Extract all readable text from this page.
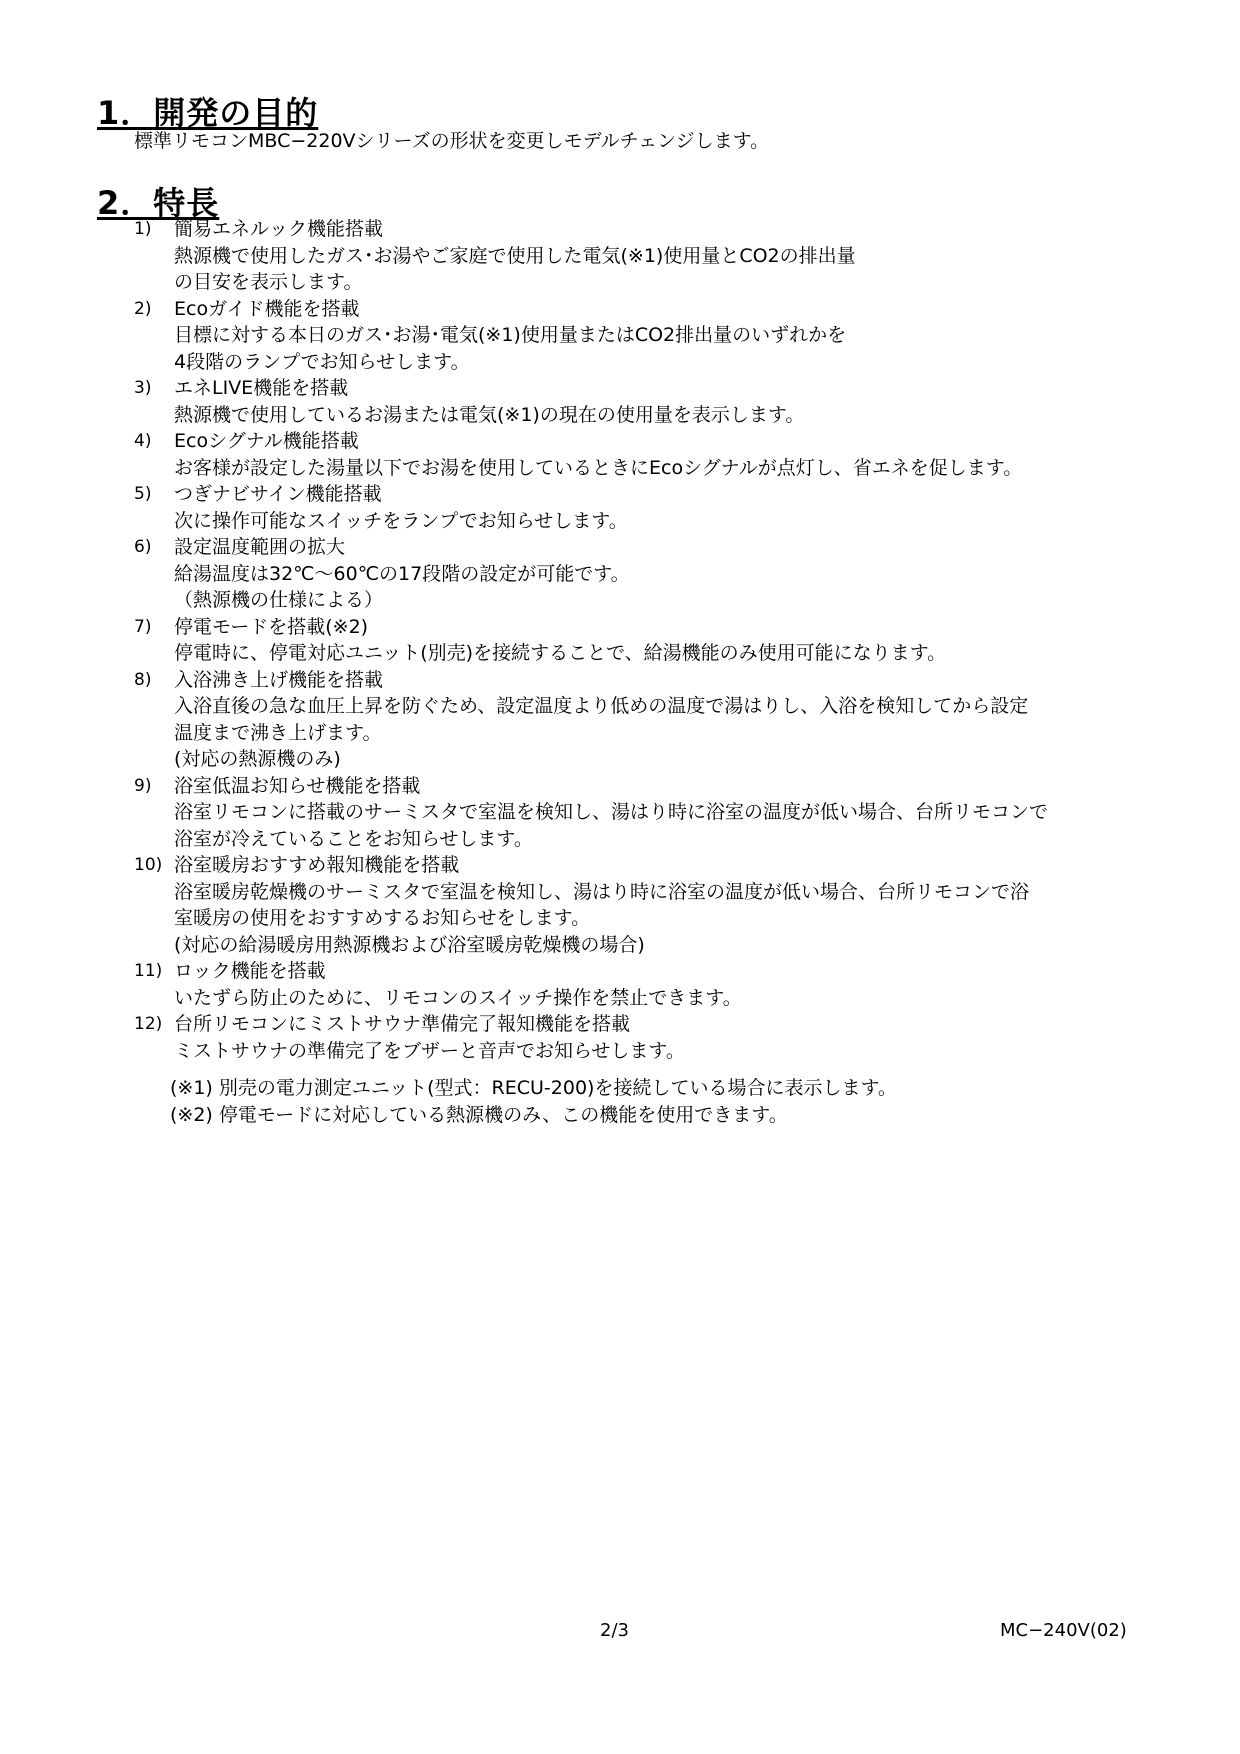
1．開発の目的
標準リモコンMBC−220Vシリーズの形状を変更しモデルチェンジします。
2．特長
1)	簡易エネルック機能搭載
熱源機で使用したガス･お湯やご家庭で使用した電気(※1)使用量とCO2の排出量
の目安を表示します。
2)	Ecoガイド機能を搭載
目標に対する本日のガス･お湯･電気(※1)使用量またはCO2排出量のいずれかを
4段階のランプでお知らせします。
3)	エネLIVE機能を搭載
熱源機で使用しているお湯または電気(※1)の現在の使用量を表示します。
4)	Ecoシグナル機能搭載
お客様が設定した湯量以下でお湯を使用しているときにEcoシグナルが点灯し、省エネを促します。
5)	つぎナビサイン機能搭載
次に操作可能なスイッチをランプでお知らせします。
6)	設定温度範囲の拡大
給湯温度は32℃～60℃の17段階の設定が可能です。
（熱源機の仕様による）
7)	停電モードを搭載(※2)
停電時に、停電対応ユニット(別売)を接続することで、給湯機能のみ使用可能になります。
8)	入浴沸き上げ機能を搭載
入浴直後の急な血圧上昇を防ぐため、設定温度より低めの温度で湯はりし、入浴を検知してから設定
温度まで沸き上げます。
(対応の熱源機のみ)
9)	浴室低温お知らせ機能を搭載
浴室リモコンに搭載のサーミスタで室温を検知し、湯はり時に浴室の温度が低い場合、台所リモコンで
浴室が冷えていることをお知らせします。
10) 浴室暖房おすすめ報知機能を搭載
浴室暖房乾燥機のサーミスタで室温を検知し、湯はり時に浴室の温度が低い場合、台所リモコンで浴
室暖房の使用をおすすめするお知らせをします。
(対応の給湯暖房用熱源機および浴室暖房乾燥機の場合)
11) ロック機能を搭載
いたずら防止のために、リモコンのスイッチ操作を禁止できます。
12) 台所リモコンにミストサウナ準備完了報知機能を搭載
ミストサウナの準備完了をブザーと音声でお知らせします。
(※1) 別売の電力測定ユニット(型式：RECU-200)を接続している場合に表示します。
(※2) 停電モードに対応している熱源機のみ、この機能を使用できます。
2/3	MC−240V(02)
